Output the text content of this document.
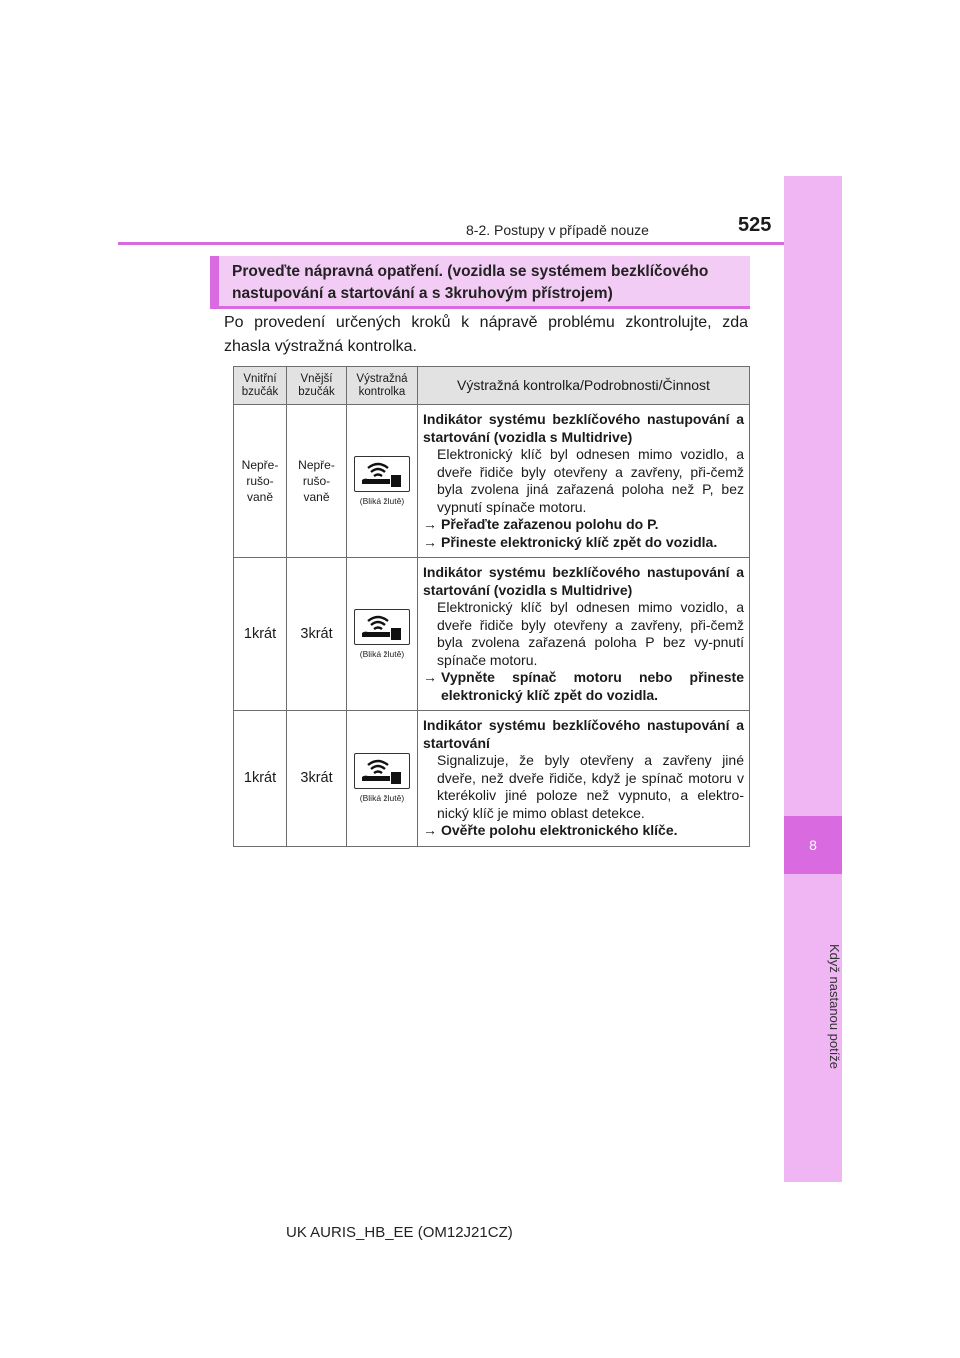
8
Když nastanou potíže
8-2. Postupy v případě nouze	525
Proveďte nápravná opatření. (vozidla se systémem bezklíčového
nastupování a startování a s 3kruhovým přístrojem)
Po provedení určených kroků k nápravě problému zkontrolujte, zda zhasla výstražná kontrolka.
Vnitřní bzučák	Vnější bzučák	Výstražná kontrolka	Výstražná kontrolka/Podrobnosti/Činnost
Nepře-rušo-vaně	Nepře-rušo-vaně	(Bliká žlutě)	Indikátor systému bezklíčového nastupování a startování (vozidla s Multidrive)
Elektronický klíč byl odnesen mimo vozidlo, a dveře řidiče byly otevřeny a zavřeny, při-čemž byla zvolena jiná zařazená poloha než P, bez vypnutí spínače motoru.
→ Přeřaďte zařazenou polohu do P.
→ Přineste elektronický klíč zpět do vozidla.

1krát	3krát	(Bliká žlutě)	Indikátor systému bezklíčového nastupování a startování (vozidla s Multidrive)
Elektronický klíč byl odnesen mimo vozidlo, a dveře řidiče byly otevřeny a zavřeny, při-čemž byla zvolena zařazená poloha P bez vy-pnutí spínače motoru.
→ Vypněte spínač motoru nebo přineste elektronický klíč zpět do vozidla.

1krát	3krát	(Bliká žlutě)	Indikátor systému bezklíčového nastupování a startování
Signalizuje, že byly otevřeny a zavřeny jiné dveře, než dveře řidiče, když je spínač motoru v kterékoliv jiné poloze než vypnuto, a elektro-nický klíč je mimo oblast detekce.
→ Ověřte polohu elektronického klíče.
UK AURIS_HB_EE (OM12J21CZ)
